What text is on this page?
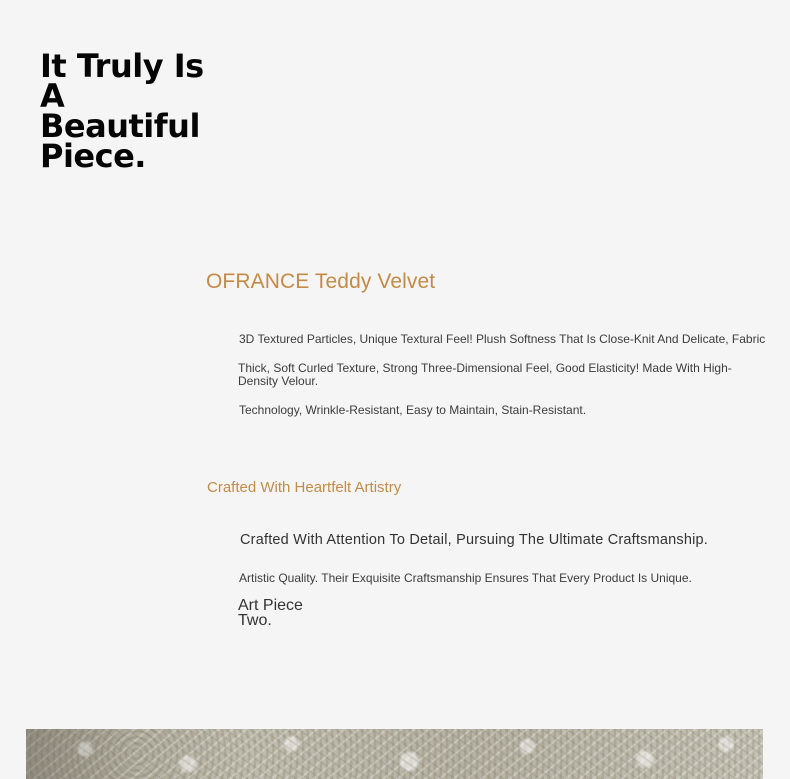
It Truly Is
A
Beautiful
Piece.
OFRANCE Teddy Velvet

3D Textured Particles, Unique Textural Feel! Plush Softness That Is Close-Knit And Delicate, Fabric

Thick, Soft Curled Texture, Strong Three-Dimensional Feel, Good Elasticity! Made With High-Density Velour.

Technology, Wrinkle-Resistant, Easy to Maintain, Stain-Resistant.

Crafted With Heartfelt Artistry

Crafted With Attention To Detail, Pursuing The Ultimate Craftsmanship.

Artistic Quality. Their Exquisite Craftsmanship Ensures That Every Product Is Unique.

Art Piece
Two.
